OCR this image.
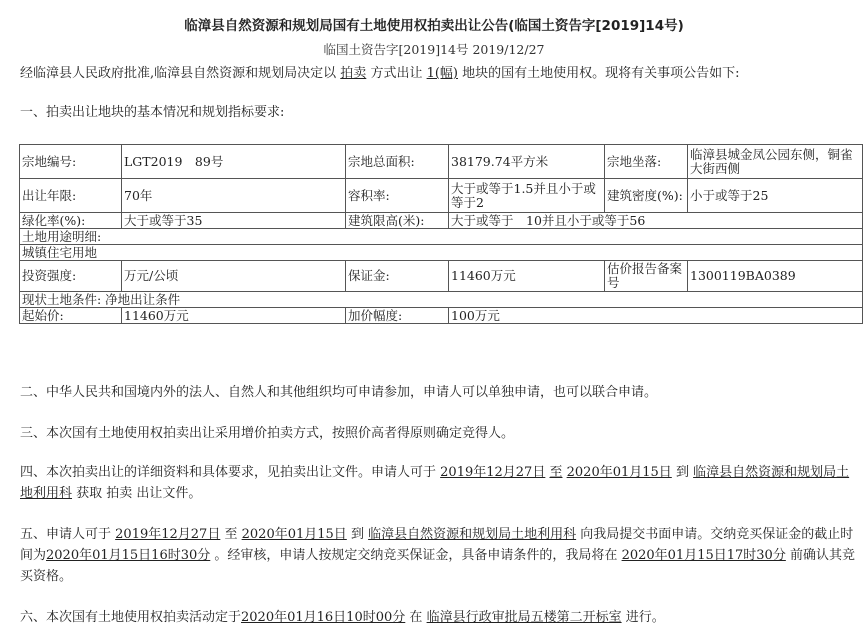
临漳县自然资源和规划局国有土地使用权拍卖出让公告(临国土资告字[2019]14号)
临国土资告字[2019]14号 2019/12/27
经临漳县人民政府批准,临漳县自然资源和规划局决定以 拍卖 方式出让 1(幅) 地块的国有土地使用权。现将有关事项公告如下:
一、拍卖出让地块的基本情况和规划指标要求:
宗地编号:	LGT2019　89号	宗地总面积:	38179.74平方米	宗地坐落:	临漳县城金凤公园东侧，铜雀大街西侧
出让年限:	70年	容积率:	大于或等于1.5并且小于或等于2	建筑密度(%):	小于或等于25
绿化率(%):	大于或等于35	建筑限高(米):	大于或等于　10并且小于或等于56		
土地用途明细:					
城镇住宅用地					
投资强度:	万元/公顷	保证金:	11460万元	估价报告备案号	1300119BA0389
现状土地条件: 净地出让条件					
起始价:	11460万元	加价幅度:	100万元		
二、中华人民共和国境内外的法人、自然人和其他组织均可申请参加，申请人可以单独申请，也可以联合申请。
三、本次国有土地使用权拍卖出让采用增价拍卖方式，按照价高者得原则确定竞得人。
四、本次拍卖出让的详细资料和具体要求，见拍卖出让文件。申请人可于 2019年12月27日 至 2020年01月15日 到 临漳县自然资源和规划局土地利用科 获取 拍卖 出让文件。
五、申请人可于 2019年12月27日 至 2020年01月15日 到 临漳县自然资源和规划局土地利用科 向我局提交书面申请。交纳竞买保证金的截止时间为2020年01月15日16时30分 。经审核，申请人按规定交纳竞买保证金，具备申请条件的，我局将在 2020年01月15日17时30分 前确认其竞买资格。
六、本次国有土地使用权拍卖活动定于2020年01月16日10时00分 在 临漳县行政审批局五楼第二开标室 进行。
